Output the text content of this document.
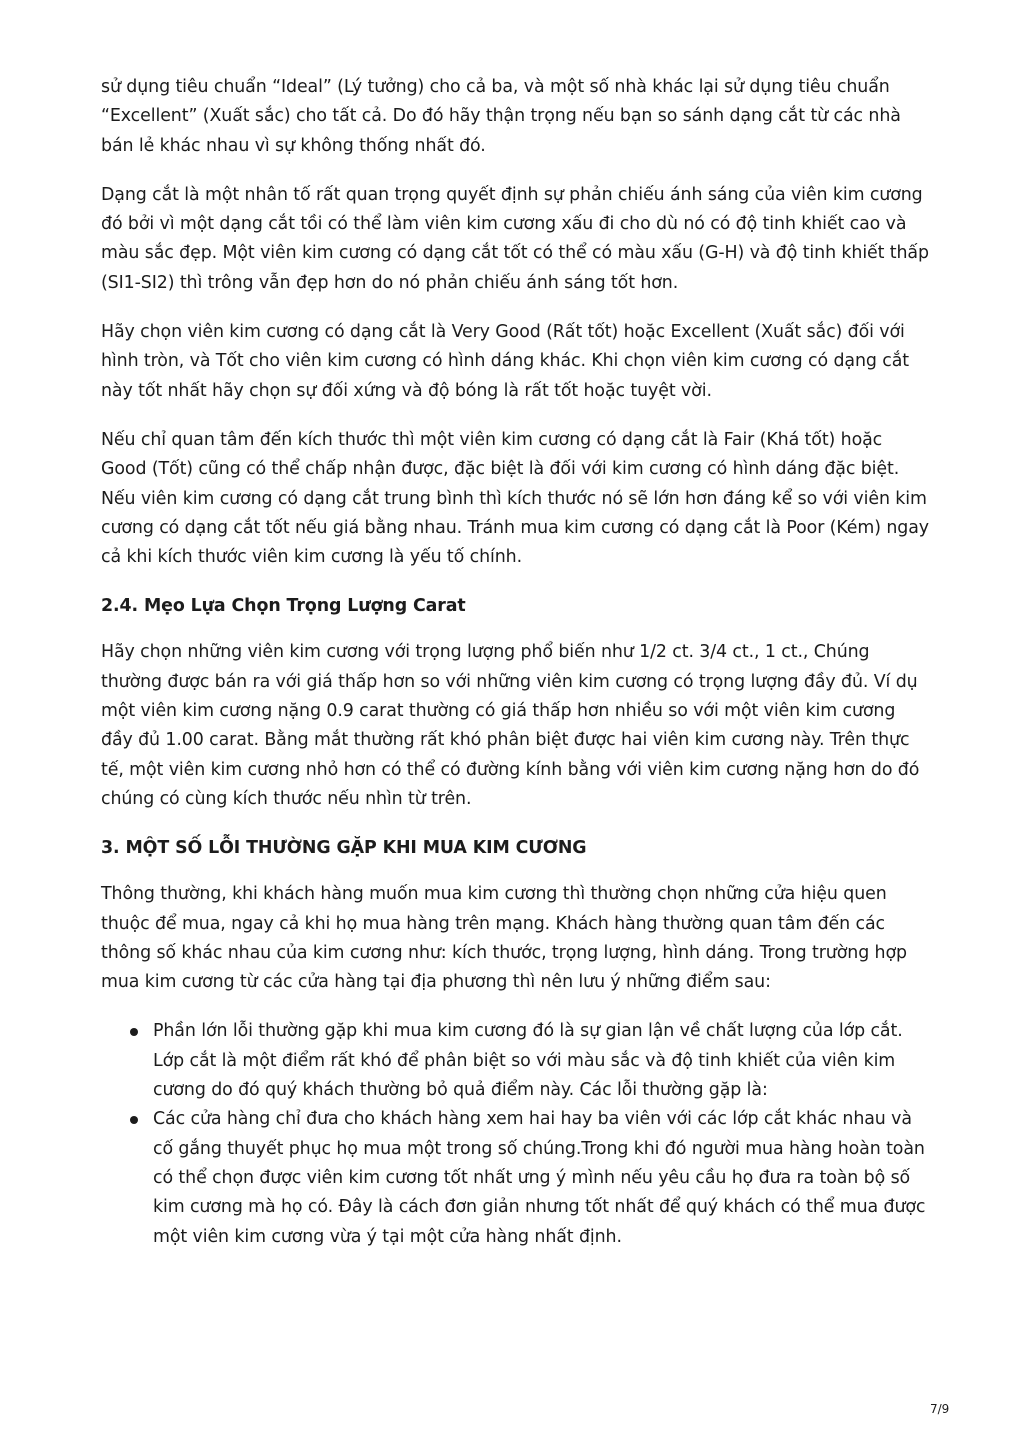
sử dụng tiêu chuẩn “Ideal” (Lý tưởng) cho cả ba, và một số nhà khác lại sử dụng tiêu chuẩn “Excellent” (Xuất sắc) cho tất cả. Do đó hãy thận trọng nếu bạn so sánh dạng cắt từ các nhà bán lẻ khác nhau vì sự không thống nhất đó.

Dạng cắt là một nhân tố rất quan trọng quyết định sự phản chiếu ánh sáng của viên kim cương đó bởi vì một dạng cắt tồi có thể làm viên kim cương xấu đi cho dù nó có độ tinh khiết cao và màu sắc đẹp. Một viên kim cương có dạng cắt tốt có thể có màu xấu (G-H) và độ tinh khiết thấp (SI1-SI2) thì trông vẫn đẹp hơn do nó phản chiếu ánh sáng tốt hơn.

Hãy chọn viên kim cương có dạng cắt là Very Good (Rất tốt) hoặc Excellent (Xuất sắc) đối với hình tròn, và Tốt cho viên kim cương có hình dáng khác. Khi chọn viên kim cương có dạng cắt này tốt nhất hãy chọn sự đối xứng và độ bóng là rất tốt hoặc tuyệt vời.

Nếu chỉ quan tâm đến kích thước thì một viên kim cương có dạng cắt là Fair (Khá tốt) hoặc Good (Tốt) cũng có thể chấp nhận được, đặc biệt là đối với kim cương có hình dáng đặc biệt. Nếu viên kim cương có dạng cắt trung bình thì kích thước nó sẽ lớn hơn đáng kể so với viên kim cương có dạng cắt tốt nếu giá bằng nhau. Tránh mua kim cương có dạng cắt là Poor (Kém) ngay cả khi kích thước viên kim cương là yếu tố chính.

2.4. Mẹo Lựa Chọn Trọng Lượng Carat

Hãy chọn những viên kim cương với trọng lượng phổ biến như 1/2 ct. 3/4 ct., 1 ct., Chúng thường được bán ra với giá thấp hơn so với những viên kim cương có trọng lượng đầy đủ. Ví dụ một viên kim cương nặng 0.9 carat thường có giá thấp hơn nhiều so với một viên kim cương đầy đủ 1.00 carat. Bằng mắt thường rất khó phân biệt được hai viên kim cương này. Trên thực tế, một viên kim cương nhỏ hơn có thể có đường kính bằng với viên kim cương nặng hơn do đó chúng có cùng kích thước nếu nhìn từ trên.

3. MỘT SỐ LỖI THƯỜNG GẶP KHI MUA KIM CƯƠNG

Thông thường, khi khách hàng muốn mua kim cương thì thường chọn những cửa hiệu quen thuộc để mua, ngay cả khi họ mua hàng trên mạng. Khách hàng thường quan tâm đến các thông số khác nhau của kim cương như: kích thước, trọng lượng, hình dáng. Trong trường hợp mua kim cương từ các cửa hàng tại địa phương thì nên lưu ý những điểm sau:

Phần lớn lỗi thường gặp khi mua kim cương đó là sự gian lận về chất lượng của lớp cắt. Lớp cắt là một điểm rất khó để phân biệt so với màu sắc và độ tinh khiết của viên kim cương do đó quý khách thường bỏ quả điểm này. Các lỗi thường gặp là:
Các cửa hàng chỉ đưa cho khách hàng xem hai hay ba viên với các lớp cắt khác nhau và cố gắng thuyết phục họ mua một trong số chúng.Trong khi đó người mua hàng hoàn toàn có thể chọn được viên kim cương tốt nhất ưng ý mình nếu yêu cầu họ đưa ra toàn bộ số kim cương mà họ có. Đây là cách đơn giản nhưng tốt nhất để quý khách có thể mua được một viên kim cương vừa ý tại một cửa hàng nhất định.
7/9
